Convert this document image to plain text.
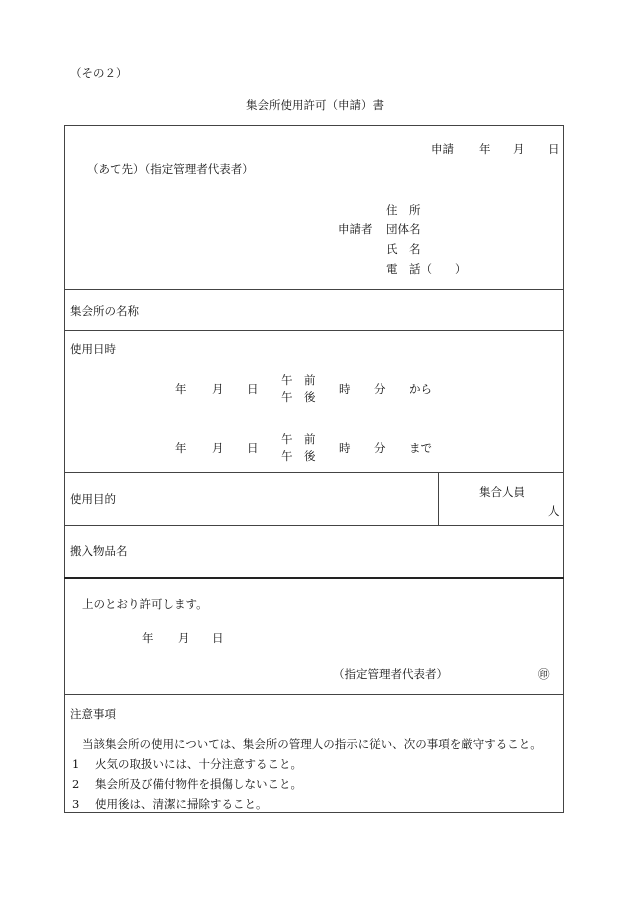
（その２）
集会所使用許可（申請）書
申請 年 月 日
（あて先）（指定管理者代表者）
住　所
申請者 団体名
氏　名
電　話（　　）
集会所の名称
使用日時
年 月 日
午　前
午　後
時 分 から
年 月 日
午　前
午　後
時 分 まで
使用目的	集合人員
人
搬入物品名
上のとおり許可します。
年 月 日
（指定管理者代表者）	㊞
注意事項
当該集会所の使用については、集会所の管理人の指示に従い、次の事項を厳守すること。
1 火気の取扱いには、十分注意すること。
2 集会所及び備付物件を損傷しないこと。
3 使用後は、清潔に掃除すること。
